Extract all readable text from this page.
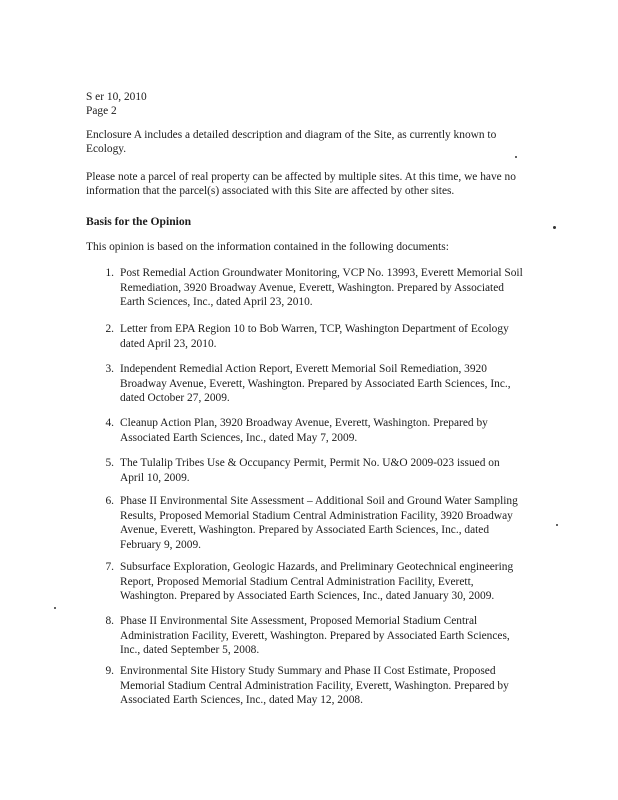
S er 10, 2010
Page 2
Enclosure A includes a detailed description and diagram of the Site, as currently known to Ecology.
Please note a parcel of real property can be affected by multiple sites. At this time, we have no information that the parcel(s) associated with this Site are affected by other sites.
Basis for the Opinion
This opinion is based on the information contained in the following documents:
1. Post Remedial Action Groundwater Monitoring, VCP No. 13993, Everett Memorial Soil Remediation, 3920 Broadway Avenue, Everett, Washington. Prepared by Associated Earth Sciences, Inc., dated April 23, 2010.
2. Letter from EPA Region 10 to Bob Warren, TCP, Washington Department of Ecology dated April 23, 2010.
3. Independent Remedial Action Report, Everett Memorial Soil Remediation, 3920 Broadway Avenue, Everett, Washington. Prepared by Associated Earth Sciences, Inc., dated October 27, 2009.
4. Cleanup Action Plan, 3920 Broadway Avenue, Everett, Washington. Prepared by Associated Earth Sciences, Inc., dated May 7, 2009.
5. The Tulalip Tribes Use & Occupancy Permit, Permit No. U&O 2009-023 issued on April 10, 2009.
6. Phase II Environmental Site Assessment – Additional Soil and Ground Water Sampling Results, Proposed Memorial Stadium Central Administration Facility, 3920 Broadway Avenue, Everett, Washington. Prepared by Associated Earth Sciences, Inc., dated February 9, 2009.
7. Subsurface Exploration, Geologic Hazards, and Preliminary Geotechnical engineering Report, Proposed Memorial Stadium Central Administration Facility, Everett, Washington. Prepared by Associated Earth Sciences, Inc., dated January 30, 2009.
8. Phase II Environmental Site Assessment, Proposed Memorial Stadium Central Administration Facility, Everett, Washington. Prepared by Associated Earth Sciences, Inc., dated September 5, 2008.
9. Environmental Site History Study Summary and Phase II Cost Estimate, Proposed Memorial Stadium Central Administration Facility, Everett, Washington. Prepared by Associated Earth Sciences, Inc., dated May 12, 2008.
